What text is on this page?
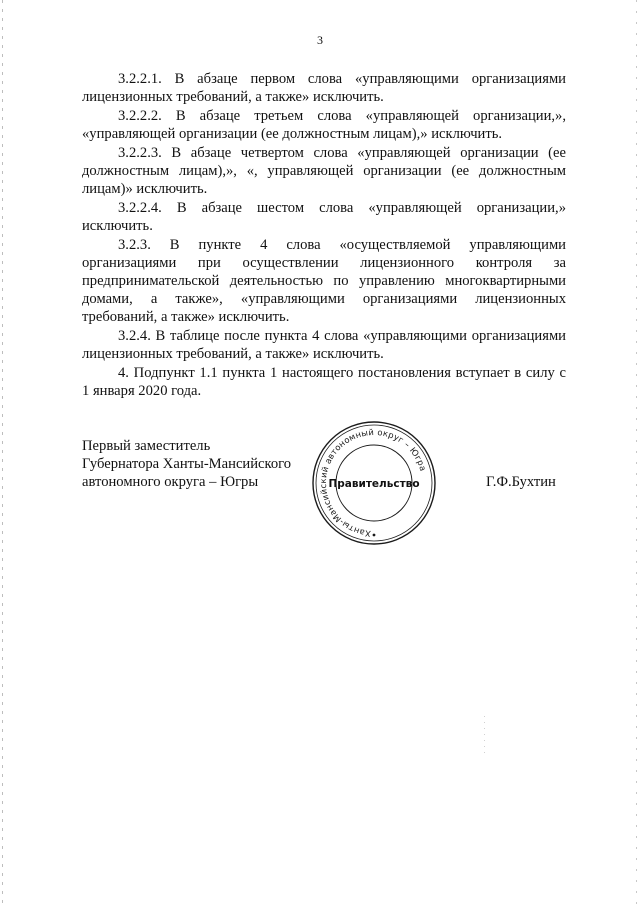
3

3.2.2.1. В абзаце первом слова «управляющими организациями лицензионных требований, а также» исключить.

3.2.2.2. В абзаце третьем слова «управляющей организации,», «управляющей организации (ее должностным лицам),» исключить.

3.2.2.3. В абзаце четвертом слова «управляющей организации (ее должностным лицам),», «, управляющей организации (ее должностным лицам)» исключить.

3.2.2.4. В абзаце шестом слова «управляющей организации,» исключить.

3.2.3. В пункте 4 слова «осуществляемой управляющими организациями при осуществлении лицензионного контроля за предпринимательской деятельностью по управлению многоквартирными домами, а также», «управляющими организациями лицензионных требований, а также» исключить.

3.2.4. В таблице после пункта 4 слова «управляющими организациями лицензионных требований, а также» исключить.

4. Подпункт 1.1 пункта 1 настоящего постановления вступает в силу с 1 января 2020 года.

Первый заместитель
Губернатора Ханты-Мансийского
автономного округа – Югры
Ханты-Мансийский автономный округ – Югра
Правительство	Г.Ф.Бухтин
